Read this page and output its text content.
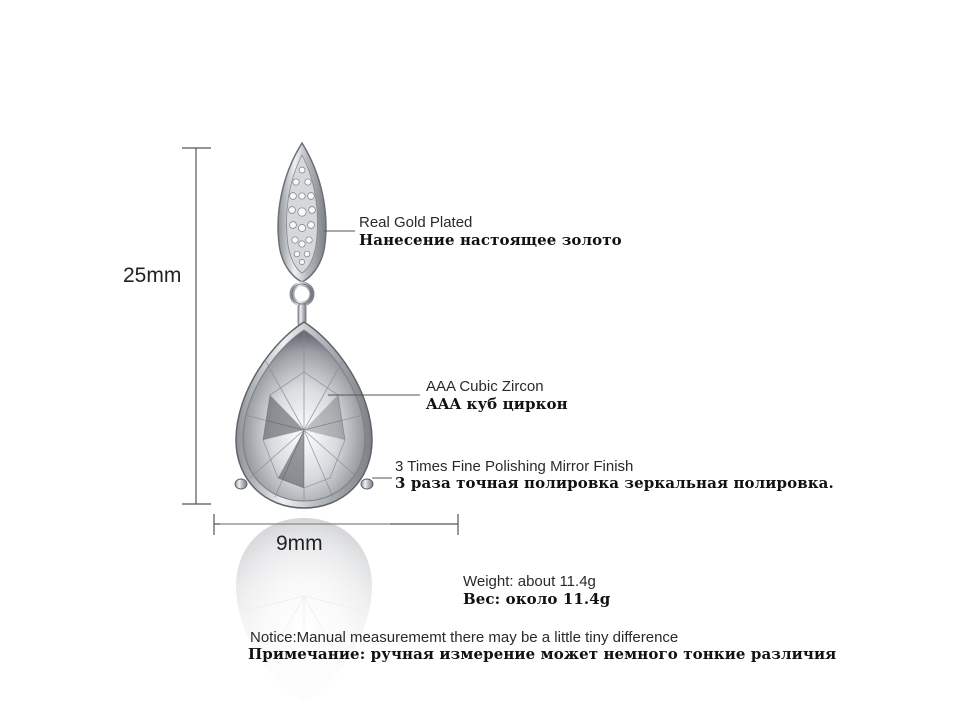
25mm
9mm
Real Gold Plated
Нанесение настоящее золото
AAA Cubic Zircon
AAA куб циркон
3 Times Fine Polishing Mirror Finish
3 раза точная полировка зеркальная полировка.
Weight: about 11.4g
Вес: около 11.4g
Notice:Manual measurememt there may be a little tiny difference
Примечание: ручная измерение может немного тонкие различия
